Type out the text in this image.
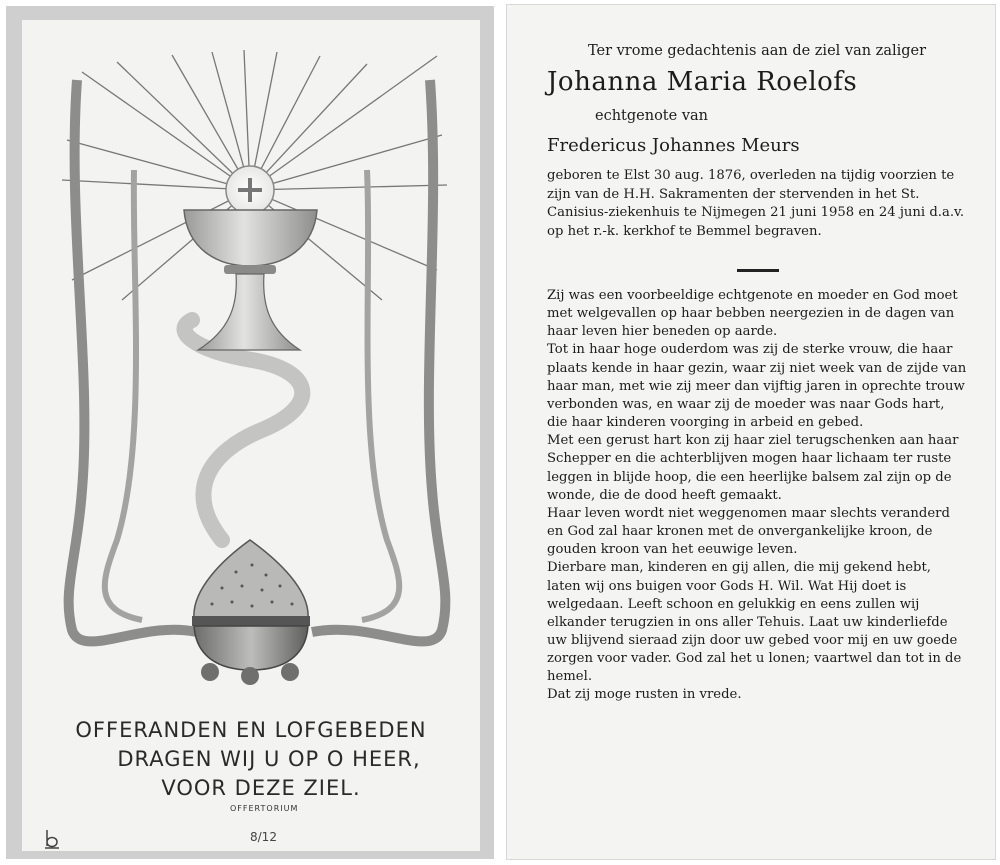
OFFERANDEN EN LOFGEBEDEN
DRAGEN WIJ U OP O HEER,
VOOR DEZE ZIEL.
OFFERTORIUM
8/12
Ter vrome gedachtenis aan de ziel van zaliger
Johanna Maria Roelofs
echtgenote van
Fredericus Johannes Meurs

geboren te Elst 30 aug. 1876, overleden na tijdig voorzien te zijn van de H.H. Sakramenten der stervenden in het St. Canisius-ziekenhuis te Nijmegen 21 juni 1958 en 24 juni d.a.v. op het r.-k. kerkhof te Bemmel begraven.

Zij was een voorbeeldige echtgenote en moeder en God moet met welgevallen op haar bebben neergezien in de dagen van haar leven hier beneden op aarde.

Tot in haar hoge ouderdom was zij de sterke vrouw, die haar plaats kende in haar gezin, waar zij niet week van de zijde van haar man, met wie zij meer dan vijftig jaren in oprechte trouw verbonden was, en waar zij de moeder was naar Gods hart, die haar kinderen voorging in arbeid en gebed.

Met een gerust hart kon zij haar ziel terugschenken aan haar Schepper en die achterblijven mogen haar lichaam ter ruste leggen in blijde hoop, die een heerlijke balsem zal zijn op de wonde, die de dood heeft gemaakt.

Haar leven wordt niet weggenomen maar slechts veranderd en God zal haar kronen met de onvergankelijke kroon, de gouden kroon van het eeuwige leven.

Dierbare man, kinderen en gij allen, die mij gekend hebt, laten wij ons buigen voor Gods H. Wil. Wat Hij doet is welgedaan. Leeft schoon en gelukkig en eens zullen wij elkander terugzien in ons aller Tehuis. Laat uw kinderliefde uw blijvend sieraad zijn door uw gebed voor mij en uw goede zorgen voor vader. God zal het u lonen; vaartwel dan tot in de hemel.

Dat zij moge rusten in vrede.
